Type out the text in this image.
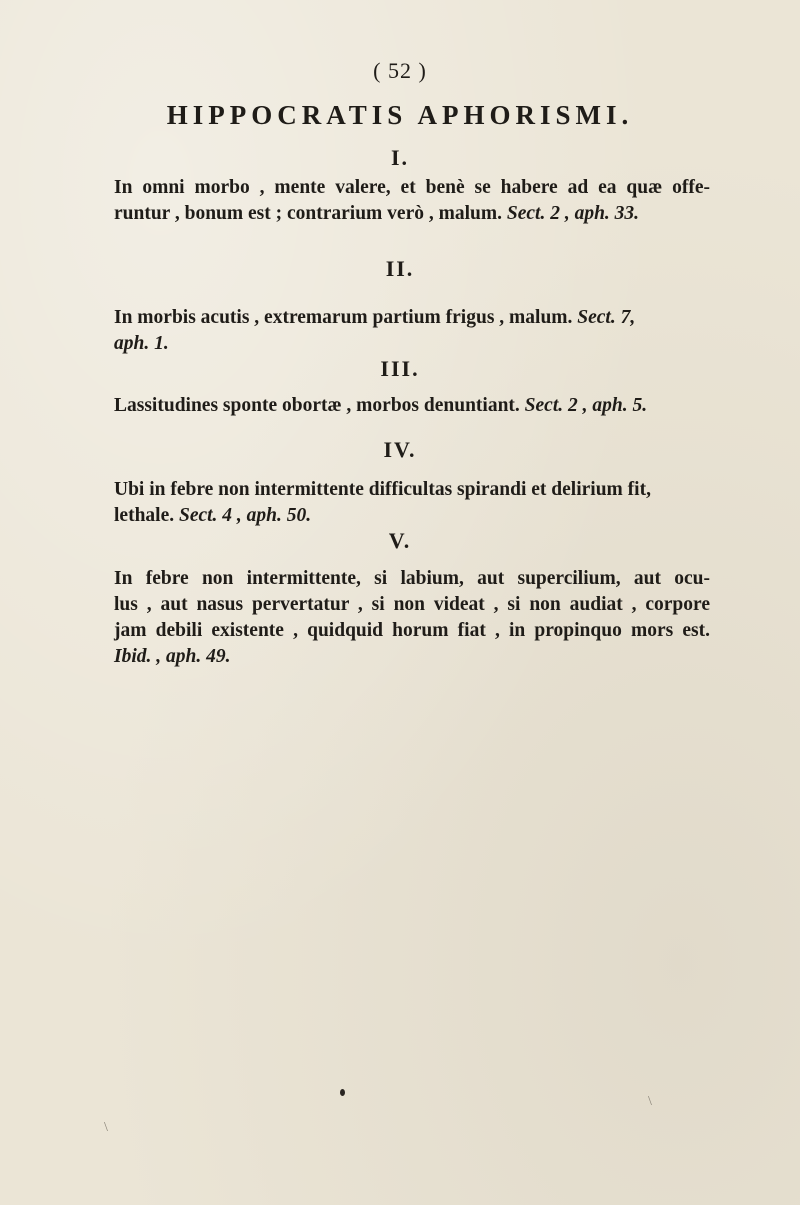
( 52 )
HIPPOCRATIS APHORISMI.
I.
In omni morbo , mente valere, et benè se habere ad ea quæ offe-
runtur , bonum est ; contrarium verò , malum. Sect. 2 , aph. 33.
II.
In morbis acutis , extremarum partium frigus , malum. Sect. 7,
aph. 1.
III.
Lassitudines sponte obortæ , morbos denuntiant. Sect. 2 , aph. 5.
IV.
Ubi in febre non intermittente difficultas spirandi et delirium fit,
lethale. Sect. 4 , aph. 50.
V.
In febre non intermittente, si labium, aut supercilium, aut ocu-
lus , aut nasus pervertatur , si non videat , si non audiat , corpore
jam debili existente , quidquid horum fiat , in propinquo mors est.
Ibid. , aph. 49.
\
\
